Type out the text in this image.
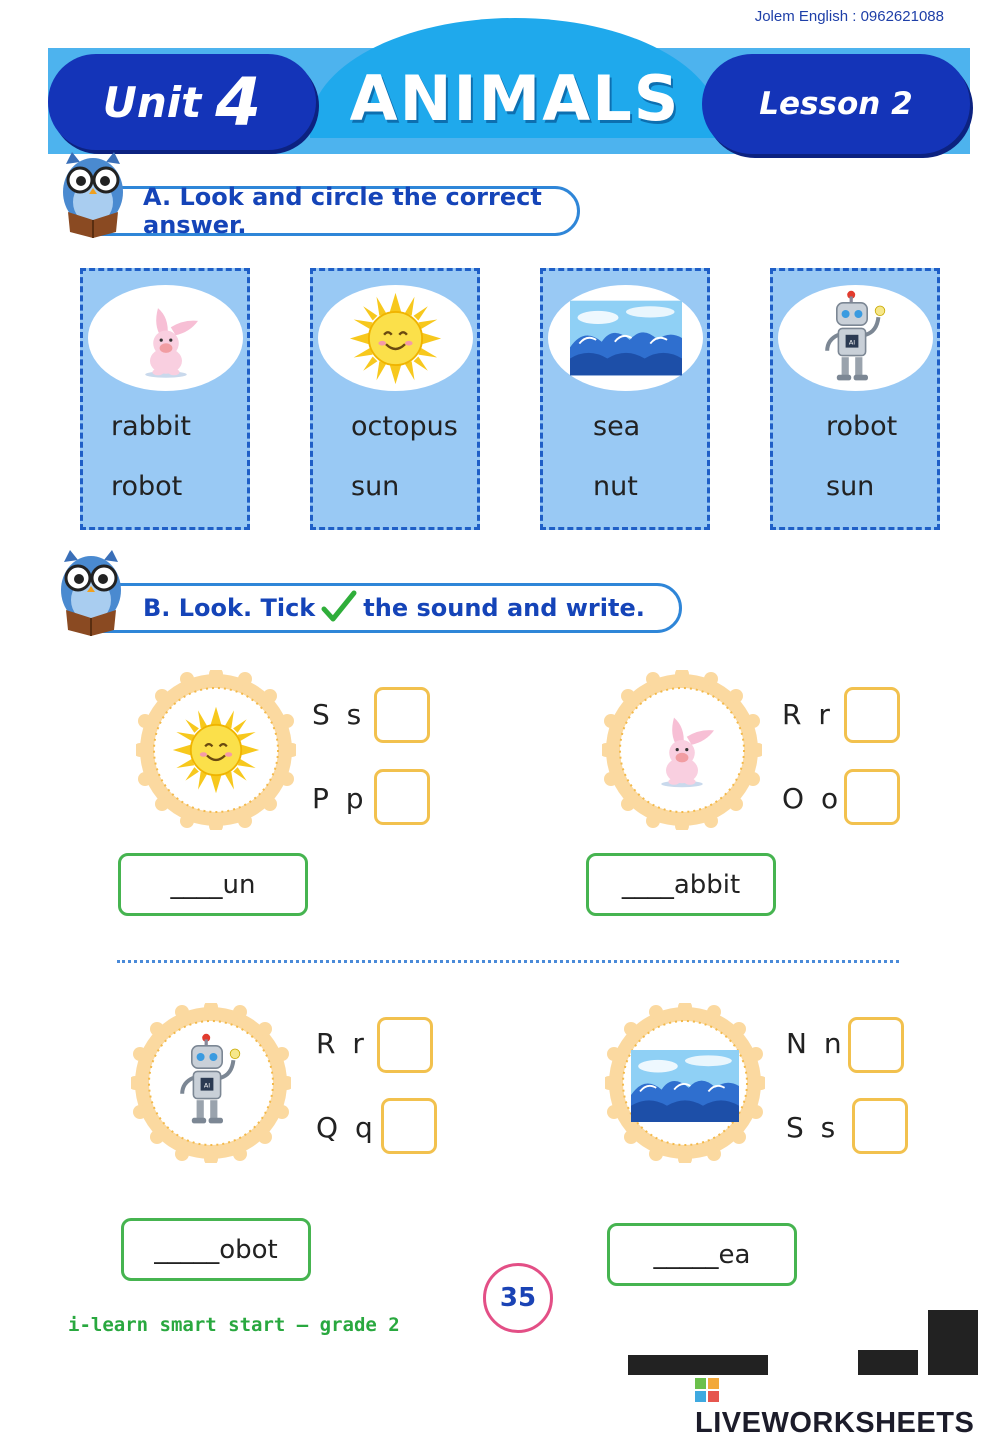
Jolem English : 0962621088
Unit 4	ANIMALS	Lesson 2
A. Look and circle the correct answer.
rabbit
robot
octopus
sun
sea
nut
robot
sun
B. Look. Tick the sound and write.
S s
P p
____un
R r
O o
____abbit
R r
Q q
_____obot
N n
S s
_____ea
i-learn smart start – grade 2
35
LIVEWORKSHEETS
